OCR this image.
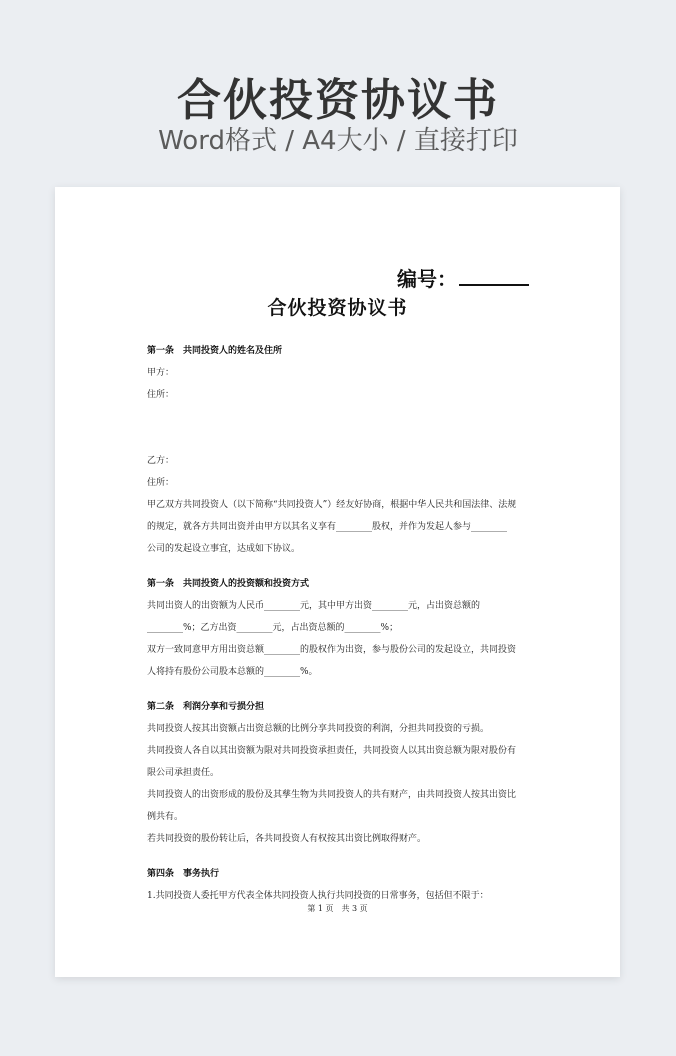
合伙投资协议书
Word格式 / A4大小 / 直接打印
编号：
合伙投资协议书
第一条　共同投资人的姓名及住所
甲方：
住所：
乙方：
住所：
甲乙双方共同投资人（以下简称“共同投资人”）经友好协商，根据中华人民共和国法律、法规
的规定，就各方共同出资并由甲方以其名义享有________股权，并作为发起人参与________
公司的发起设立事宜，达成如下协议。
第一条　共同投资人的投资额和投资方式
共同出资人的出资额为人民币________元，其中甲方出资________元，占出资总额的
________%；乙方出资________元，占出资总额的________%；
双方一致同意甲方用出资总额________的股权作为出资，参与股份公司的发起设立，共同投资
人将持有股份公司股本总额的________%。
第二条　利润分享和亏损分担
共同投资人按其出资额占出资总额的比例分享共同投资的利润，分担共同投资的亏损。
共同投资人各自以其出资额为限对共同投资承担责任，共同投资人以其出资总额为限对股份有
限公司承担责任。
共同投资人的出资形成的股份及其孳生物为共同投资人的共有财产，由共同投资人按其出资比
例共有。
若共同投资的股份转让后，各共同投资人有权按其出资比例取得财产。
第四条　事务执行
1.共同投资人委托甲方代表全体共同投资人执行共同投资的日常事务，包括但不限于：
第 1 页　共 3 页
